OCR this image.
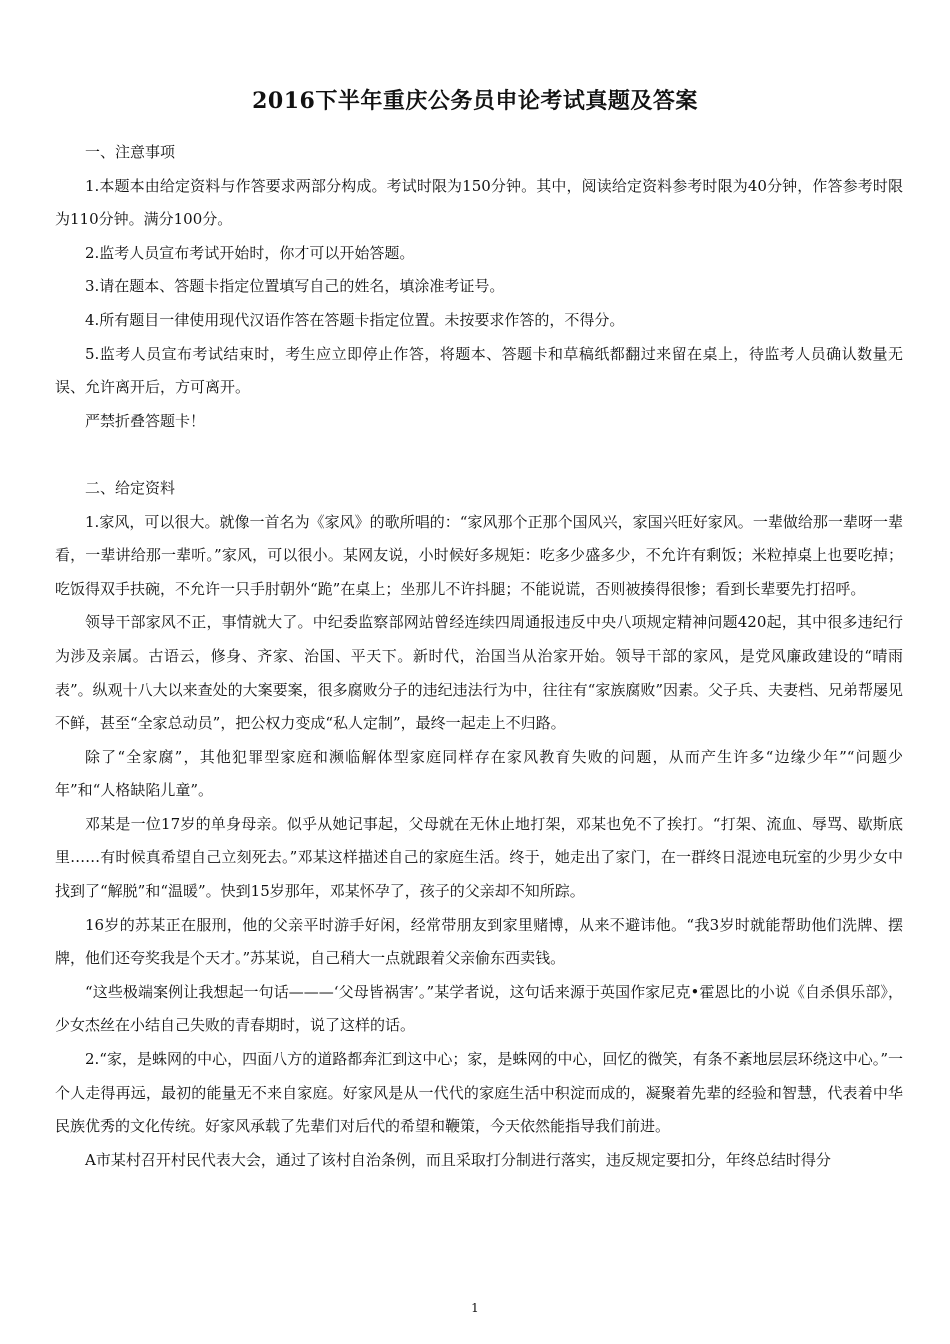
2016下半年重庆公务员申论考试真题及答案

一、注意事项

1.本题本由给定资料与作答要求两部分构成。考试时限为150分钟。其中，阅读给定资料参考时限为40分钟，作答参考时限为110分钟。满分100分。

2.监考人员宣布考试开始时，你才可以开始答题。

3.请在题本、答题卡指定位置填写自己的姓名，填涂准考证号。

4.所有题目一律使用现代汉语作答在答题卡指定位置。未按要求作答的，不得分。

5.监考人员宣布考试结束时，考生应立即停止作答，将题本、答题卡和草稿纸都翻过来留在桌上，待监考人员确认数量无误、允许离开后，方可离开。

严禁折叠答题卡！

二、给定资料

1.家风，可以很大。就像一首名为《家风》的歌所唱的：“家风那个正那个国风兴，家国兴旺好家风。一辈做给那一辈呀一辈看，一辈讲给那一辈听。”家风，可以很小。某网友说，小时候好多规矩：吃多少盛多少，不允许有剩饭；米粒掉桌上也要吃掉；吃饭得双手扶碗，不允许一只手肘朝外“跪”在桌上；坐那儿不许抖腿；不能说谎，否则被揍得很惨；看到长辈要先打招呼。

领导干部家风不正，事情就大了。中纪委监察部网站曾经连续四周通报违反中央八项规定精神问题420起，其中很多违纪行为涉及亲属。古语云，修身、齐家、治国、平天下。新时代，治国当从治家开始。领导干部的家风，是党风廉政建设的“晴雨表”。纵观十八大以来查处的大案要案，很多腐败分子的违纪违法行为中，往往有“家族腐败”因素。父子兵、夫妻档、兄弟帮屡见不鲜，甚至“全家总动员”，把公权力变成“私人定制”，最终一起走上不归路。

除了“全家腐”，其他犯罪型家庭和濒临解体型家庭同样存在家风教育失败的问题，从而产生许多“边缘少年”“问题少年”和“人格缺陷儿童”。

邓某是一位17岁的单身母亲。似乎从她记事起，父母就在无休止地打架，邓某也免不了挨打。“打架、流血、辱骂、歇斯底里……有时候真希望自己立刻死去。”邓某这样描述自己的家庭生活。终于，她走出了家门，在一群终日混迹电玩室的少男少女中找到了“解脱”和“温暖”。快到15岁那年，邓某怀孕了，孩子的父亲却不知所踪。

16岁的苏某正在服刑，他的父亲平时游手好闲，经常带朋友到家里赌博，从来不避讳他。“我3岁时就能帮助他们洗牌、摆牌，他们还夸奖我是个天才。”苏某说，自己稍大一点就跟着父亲偷东西卖钱。

“这些极端案例让我想起一句话———‘父母皆祸害’。”某学者说，这句话来源于英国作家尼克•霍恩比的小说《自杀俱乐部》，少女杰丝在小结自己失败的青春期时，说了这样的话。

2.“家，是蛛网的中心，四面八方的道路都奔汇到这中心；家，是蛛网的中心，回忆的微笑，有条不紊地层层环绕这中心。”一个人走得再远，最初的能量无不来自家庭。好家风是从一代代的家庭生活中积淀而成的，凝聚着先辈的经验和智慧，代表着中华民族优秀的文化传统。好家风承载了先辈们对后代的希望和鞭策，今天依然能指导我们前进。

A市某村召开村民代表大会，通过了该村自治条例，而且采取打分制进行落实，违反规定要扣分，年终总结时得分

1
